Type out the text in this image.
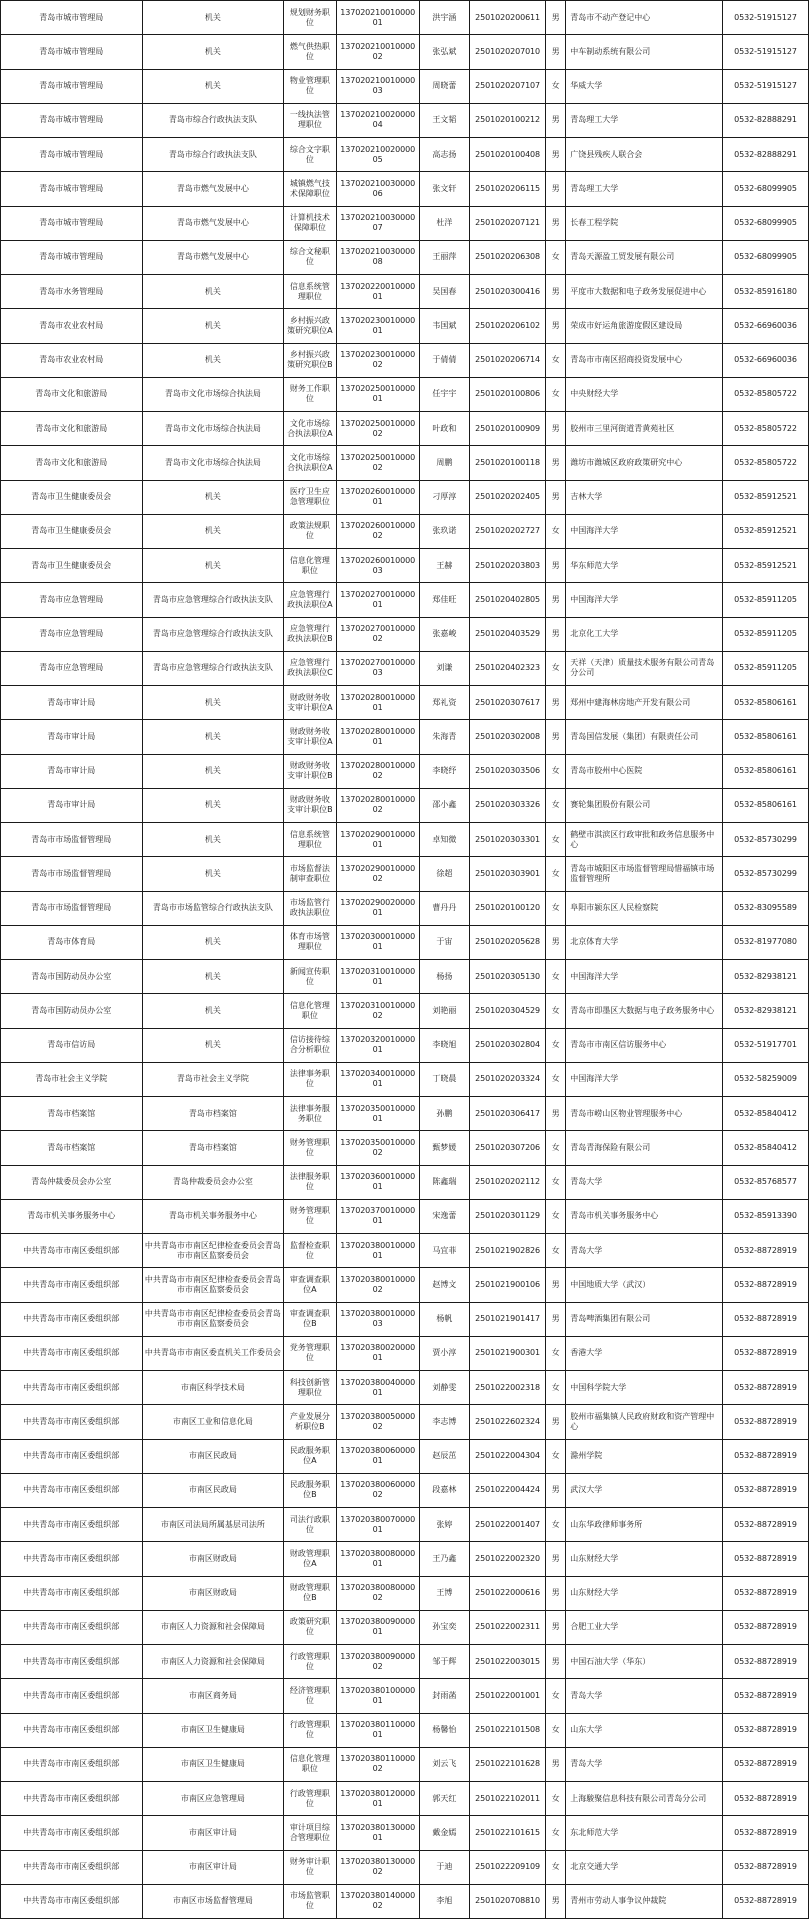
青岛市城市管理局	机关	规划财务职位	13702021001000001	洪宇涵	2501020200611	男	青岛市不动产登记中心	0532-51915127
青岛市城市管理局	机关	燃气供热职位	13702021001000002	张弘斌	2501020207010	男	中车制动系统有限公司	0532-51915127
青岛市城市管理局	机关	物业管理职位	13702021001000003	周晓蕾	2501020207107	女	华威大学	0532-51915127
青岛市城市管理局	青岛市综合行政执法支队	一线执法管理职位	13702021002000004	王文韬	2501020100212	男	青岛理工大学	0532-82888291
青岛市城市管理局	青岛市综合行政执法支队	综合文字职位	13702021002000005	高志扬	2501020100408	男	广饶县残疾人联合会	0532-82888291
青岛市城市管理局	青岛市燃气发展中心	城镇燃气技术保障职位	13702021003000006	张文轩	2501020206115	男	青岛理工大学	0532-68099905
青岛市城市管理局	青岛市燃气发展中心	计算机技术保障职位	13702021003000007	杜洋	2501020207121	男	长春工程学院	0532-68099905
青岛市城市管理局	青岛市燃气发展中心	综合文秘职位	13702021003000008	王丽萍	2501020206308	女	青岛天源盈工贸发展有限公司	0532-68099905
青岛市水务管理局	机关	信息系统管理职位	13702022001000001	吴国春	2501020300416	男	平度市大数据和电子政务发展促进中心	0532-85916180
青岛市农业农村局	机关	乡村振兴政策研究职位A	13702023001000001	韦国斌	2501020206102	男	荣成市好运角旅游度假区建设局	0532-66960036
青岛市农业农村局	机关	乡村振兴政策研究职位B	13702023001000002	于倩倩	2501020206714	女	青岛市市南区招商投资发展中心	0532-66960036
青岛市文化和旅游局	青岛市文化市场综合执法局	财务工作职位	13702025001000001	任宇宇	2501020100806	女	中央财经大学	0532-85805722
青岛市文化和旅游局	青岛市文化市场综合执法局	文化市场综合执法职位A	13702025001000002	叶政和	2501020100909	男	胶州市三里河街道青黄苑社区	0532-85805722
青岛市文化和旅游局	青岛市文化市场综合执法局	文化市场综合执法职位A	13702025001000002	周鹏	2501020100118	男	潍坊市潍城区政府政策研究中心	0532-85805722
青岛市卫生健康委员会	机关	医疗卫生应急管理职位	13702026001000001	刁厚淳	2501020202405	男	吉林大学	0532-85912521
青岛市卫生健康委员会	机关	政策法规职位	13702026001000002	张玖诺	2501020202727	女	中国海洋大学	0532-85912521
青岛市卫生健康委员会	机关	信息化管理职位	13702026001000003	王赫	2501020203803	男	华东师范大学	0532-85912521
青岛市应急管理局	青岛市应急管理综合行政执法支队	应急管理行政执法职位A	13702027001000001	郑佳旺	2501020402805	男	中国海洋大学	0532-85911205
青岛市应急管理局	青岛市应急管理综合行政执法支队	应急管理行政执法职位B	13702027001000002	张嘉峻	2501020403529	男	北京化工大学	0532-85911205
青岛市应急管理局	青岛市应急管理综合行政执法支队	应急管理行政执法职位C	13702027001000003	刘谦	2501020402323	女	天祥（天津）质量技术服务有限公司青岛分公司	0532-85911205
青岛市审计局	机关	财政财务收支审计职位A	13702028001000001	郑礼资	2501020307617	男	郑州中建海林房地产开发有限公司	0532-85806161
青岛市审计局	机关	财政财务收支审计职位A	13702028001000001	朱海青	2501020302008	男	青岛国信发展（集团）有限责任公司	0532-85806161
青岛市审计局	机关	财政财务收支审计职位B	13702028001000002	李晓纾	2501020303506	女	青岛市胶州中心医院	0532-85806161
青岛市审计局	机关	财政财务收支审计职位B	13702028001000002	邵小鑫	2501020303326	女	赛轮集团股份有限公司	0532-85806161
青岛市市场监督管理局	机关	信息系统管理职位	13702029001000001	卓知微	2501020303301	女	鹤壁市淇滨区行政审批和政务信息服务中心	0532-85730299
青岛市市场监督管理局	机关	市场监督法制审查职位	13702029001000002	徐超	2501020303901	女	青岛市城阳区市场监督管理局惜福镇市场监督管理所	0532-85730299
青岛市市场监督管理局	青岛市市场监管综合行政执法支队	市场监管行政执法职位	13702029002000001	曹丹丹	2501020100120	女	阜阳市颍东区人民检察院	0532-83095589
青岛市体育局	机关	体育市场管理职位	13702030001000001	于宙	2501020205628	男	北京体育大学	0532-81977080
青岛市国防动员办公室	机关	新闻宣传职位	13702031001000001	杨扬	2501020305130	女	中国海洋大学	0532-82938121
青岛市国防动员办公室	机关	信息化管理职位	13702031001000002	刘艳丽	2501020304529	女	青岛市即墨区大数据与电子政务服务中心	0532-82938121
青岛市信访局	机关	信访接待综合分析职位	13702032001000001	李晓旭	2501020302804	女	青岛市市南区信访服务中心	0532-51917701
青岛市社会主义学院	青岛市社会主义学院	法律事务职位	13702034001000001	丁晓晨	2501020203324	女	中国海洋大学	0532-58259009
青岛市档案馆	青岛市档案馆	法律事务服务职位	13702035001000001	孙鹏	2501020306417	男	青岛市崂山区物业管理服务中心	0532-85840412
青岛市档案馆	青岛市档案馆	财务管理职位	13702035001000002	甄梦媛	2501020307206	女	青岛青海保险有限公司	0532-85840412
青岛仲裁委员会办公室	青岛仲裁委员会办公室	法律服务职位	13702036001000001	陈鑫瑞	2501020202112	女	青岛大学	0532-85768577
青岛市机关事务服务中心	青岛市机关事务服务中心	财务管理职位	13702037001000001	宋逸蕾	2501020301129	女	青岛市机关事务服务中心	0532-85913390
中共青岛市市南区委组织部	中共青岛市市南区纪律检查委员会青岛市市南区监察委员会	监督检查职位	13702038001000001	马宜菲	2501021902826	女	青岛大学	0532-88728919
中共青岛市市南区委组织部	中共青岛市市南区纪律检查委员会青岛市市南区监察委员会	审查调查职位A	13702038001000002	赵博文	2501021900106	男	中国地质大学（武汉）	0532-88728919
中共青岛市市南区委组织部	中共青岛市市南区纪律检查委员会青岛市市南区监察委员会	审查调查职位B	13702038001000003	杨帆	2501021901417	男	青岛啤酒集团有限公司	0532-88728919
中共青岛市市南区委组织部	中共青岛市市南区委直机关工作委员会	党务管理职位	13702038002000001	贾小淳	2501021900301	女	香港大学	0532-88728919
中共青岛市市南区委组织部	市南区科学技术局	科技创新管理职位	13702038004000001	刘静雯	2501022002318	女	中国科学院大学	0532-88728919
中共青岛市市南区委组织部	市南区工业和信息化局	产业发展分析职位B	13702038005000002	李志博	2501022602324	男	胶州市福集镇人民政府财政和资产管理中心	0532-88728919
中共青岛市市南区委组织部	市南区民政局	民政服务职位A	13702038006000001	赵辰茁	2501022004304	女	滁州学院	0532-88728919
中共青岛市市南区委组织部	市南区民政局	民政服务职位B	13702038006000002	段嘉林	2501022004424	男	武汉大学	0532-88728919
中共青岛市市南区委组织部	市南区司法局所属基层司法所	司法行政职位	13702038007000001	张婷	2501022001407	女	山东华政律师事务所	0532-88728919
中共青岛市市南区委组织部	市南区财政局	财政管理职位A	13702038008000001	王乃鑫	2501022002320	男	山东财经大学	0532-88728919
中共青岛市市南区委组织部	市南区财政局	财政管理职位B	13702038008000002	王博	2501022000616	男	山东财经大学	0532-88728919
中共青岛市市南区委组织部	市南区人力资源和社会保障局	政策研究职位	13702038009000001	孙宝奕	2501022002311	男	合肥工业大学	0532-88728919
中共青岛市市南区委组织部	市南区人力资源和社会保障局	行政管理职位	13702038009000002	邹于辉	2501022003015	男	中国石油大学（华东）	0532-88728919
中共青岛市市南区委组织部	市南区商务局	经济管理职位	13702038010000001	封雨菡	2501022001001	女	青岛大学	0532-88728919
中共青岛市市南区委组织部	市南区卫生健康局	行政管理职位	13702038011000001	杨馨怡	2501022101508	女	山东大学	0532-88728919
中共青岛市市南区委组织部	市南区卫生健康局	信息化管理职位	13702038011000002	刘云飞	2501022101628	男	青岛大学	0532-88728919
中共青岛市市南区委组织部	市南区应急管理局	行政管理职位	13702038012000001	郭天红	2501022102011	女	上海駿聚信息科技有限公司青岛分公司	0532-88728919
中共青岛市市南区委组织部	市南区审计局	审计项目综合管理职位	13702038013000001	戴金嫣	2501022101615	女	东北师范大学	0532-88728919
中共青岛市市南区委组织部	市南区审计局	财务审计职位	13702038013000002	于迪	2501022209109	女	北京交通大学	0532-88728919
中共青岛市市南区委组织部	市南区市场监督管理局	市场监管职位	13702038014000002	李旭	2501020708810	男	青州市劳动人事争议仲裁院	0532-88728919
